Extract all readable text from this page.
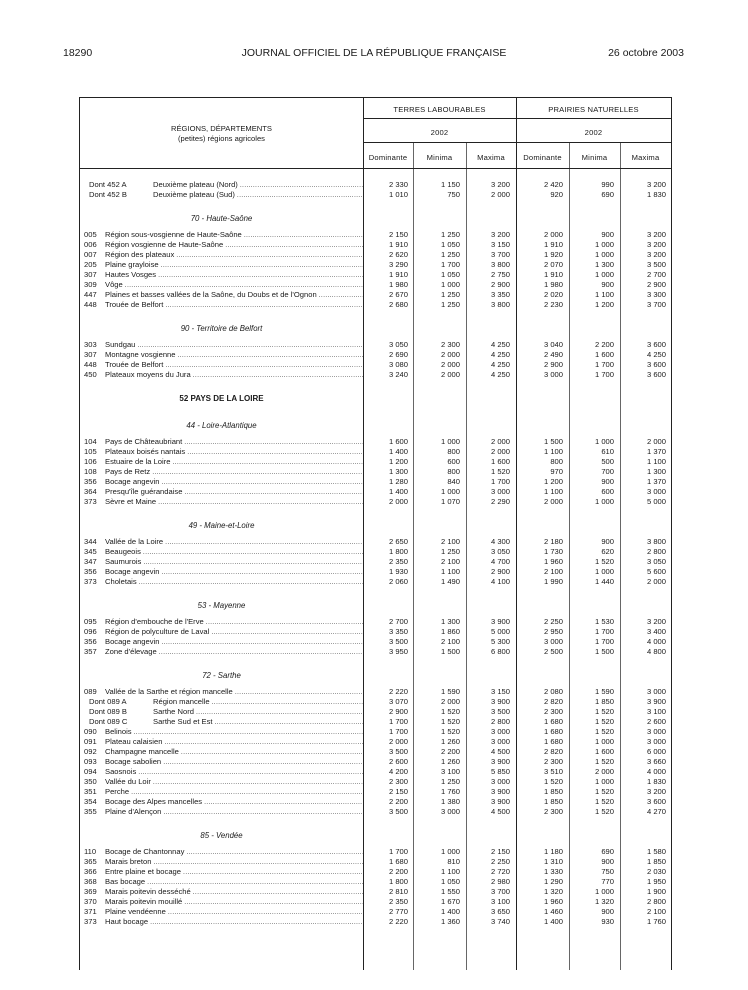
18290	JOURNAL OFFICIEL DE LA RÉPUBLIQUE FRANÇAISE	26 octobre 2003
RÉGIONS, DÉPARTEMENTS
(petites) régions agricoles
TERRES LABOURABLES	PRAIRIES NATURELLES
2002	2002
Dominante	Minima	Maxima	Dominante	Minima	Maxima
Dont 452 A	Deuxième plateau (Nord) .....	2 330	1 150	3 200	2 420	990	3 200
Dont 452 B	Deuxième plateau (Sud) .....	1 010	750	2 000	920	690	1 830
70 - Haute-Saône
005	Région sous-vosgienne de Haute-Saône .....	2 150	1 250	3 200	2 000	900	3 200
006	Région vosgienne de Haute-Saône .....	1 910	1 050	3 150	1 910	1 000	3 200
007	Région des plateaux .....	2 620	1 250	3 700	1 920	1 000	3 200
205	Plaine grayloise .....	3 290	1 700	3 800	2 070	1 300	3 500
307	Hautes Vosges .....	1 910	1 050	2 750	1 910	1 000	2 700
309	Vôge .....	1 980	1 000	2 900	1 980	900	2 900
447	Plaines et basses vallées de la Saône, du Doubs et de l'Ognon .....	2 670	1 250	3 350	2 020	1 100	3 300
448	Trouée de Belfort .....	2 680	1 250	3 800	2 230	1 200	3 700
90 - Territoire de Belfort
303	Sundgau .....	3 050	2 300	4 250	3 040	2 200	3 600
307	Montagne vosgienne .....	2 690	2 000	4 250	2 490	1 600	4 250
448	Trouée de Belfort .....	3 080	2 000	4 250	2 900	1 700	3 600
450	Plateaux moyens du Jura .....	3 240	2 000	4 250	3 000	1 700	3 600
52 PAYS DE LA LOIRE
44 - Loire-Atlantique
104	Pays de Châteaubriant .....	1 600	1 000	2 000	1 500	1 000	2 000
105	Plateaux boisés nantais .....	1 400	800	2 000	1 100	610	1 370
106	Estuaire de la Loire .....	1 200	600	1 600	800	500	1 100
108	Pays de Retz .....	1 300	800	1 520	970	700	1 300
356	Bocage angevin .....	1 280	840	1 700	1 200	900	1 370
364	Presqu'île guérandaise .....	1 400	1 000	3 000	1 100	600	3 000
373	Sèvre et Maine .....	2 000	1 070	2 290	2 000	1 000	5 000
49 - Maine-et-Loire
344	Vallée de la Loire .....	2 650	2 100	4 300	2 180	900	3 800
345	Beaugeois .....	1 800	1 250	3 050	1 730	620	2 800
347	Saumurois .....	2 350	2 100	4 700	1 960	1 520	3 050
356	Bocage angevin .....	1 930	1 100	2 900	2 100	1 000	5 600
373	Choletais .....	2 060	1 490	4 100	1 990	1 440	2 000
53 - Mayenne
095	Région d'embouche de l'Erve .....	2 700	1 300	3 900	2 250	1 530	3 200
096	Région de polyculture de Laval .....	3 350	1 860	5 000	2 950	1 700	3 400
356	Bocage angevin .....	3 500	2 100	5 300	3 000	1 700	4 000
357	Zone d'élevage .....	3 950	1 500	6 800	2 500	1 500	4 800
72 - Sarthe
089	Vallée de la Sarthe et région mancelle .....	2 220	1 590	3 150	2 080	1 590	3 000
Dont 089 A	Région mancelle .....	3 070	2 000	3 900	2 820	1 850	3 900
Dont 089 B	Sarthe Nord .....	2 900	1 520	3 500	2 300	1 520	3 100
Dont 089 C	Sarthe Sud et Est .....	1 700	1 520	2 800	1 680	1 520	2 600
090	Belinois .....	1 700	1 520	3 000	1 680	1 520	3 000
091	Plateau calaisien .....	2 000	1 260	3 000	1 680	1 000	3 000
092	Champagne mancelle .....	3 500	2 200	4 500	2 820	1 600	6 000
093	Bocage sabolien .....	2 600	1 260	3 900	2 300	1 520	3 660
094	Saosnois .....	4 200	3 100	5 850	3 510	2 000	4 000
350	Vallée du Loir .....	2 300	1 250	3 000	1 520	1 000	1 830
351	Perche .....	2 150	1 760	3 900	1 850	1 520	3 200
354	Bocage des Alpes mancelles .....	2 200	1 380	3 900	1 850	1 520	3 600
355	Plaine d'Alençon .....	3 500	3 000	4 500	2 300	1 520	4 270
85 - Vendée
110	Bocage de Chantonnay .....	1 700	1 000	2 150	1 180	690	1 580
365	Marais breton .....	1 680	810	2 250	1 310	900	1 850
366	Entre plaine et bocage .....	2 200	1 100	2 720	1 330	750	2 030
368	Bas bocage .....	1 800	1 050	2 980	1 290	770	1 950
369	Marais poitevin desséché .....	2 810	1 550	3 700	1 320	1 000	1 900
370	Marais poitevin mouillé .....	2 350	1 670	3 100	1 960	1 320	2 800
371	Plaine vendéenne .....	2 770	1 400	3 650	1 460	900	2 100
373	Haut bocage .....	2 220	1 360	3 740	1 400	930	1 760
